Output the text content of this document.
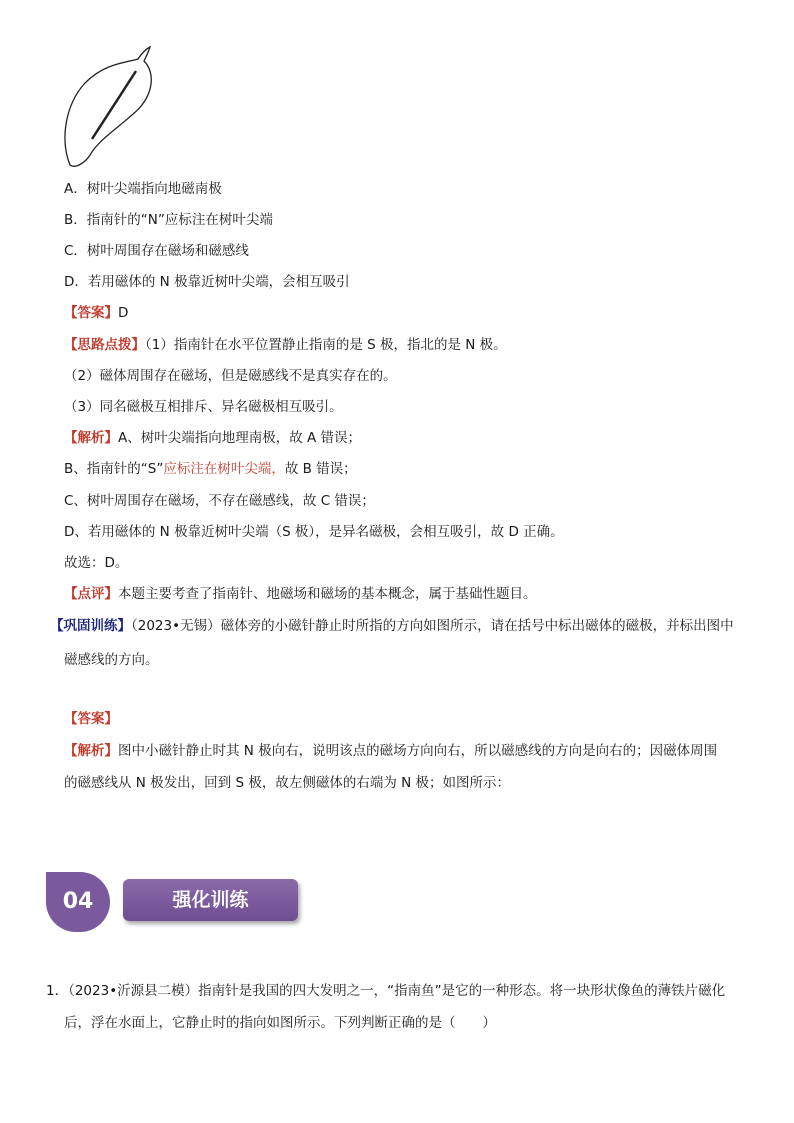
A．树叶尖端指向地磁南极
B．指南针的“N”应标注在树叶尖端
C．树叶周围存在磁场和磁感线
D．若用磁体的 N 极靠近树叶尖端，会相互吸引
【答案】D
【思路点拨】（1）指南针在水平位置静止指南的是 S 极，指北的是 N 极。
（2）磁体周围存在磁场，但是磁感线不是真实存在的。
（3）同名磁极互相排斥、异名磁极相互吸引。
【解析】A、树叶尖端指向地理南极，故 A 错误；
B、指南针的“S”应标注在树叶尖端，故 B 错误；
C、树叶周围存在磁场，不存在磁感线，故 C 错误；
D、若用磁体的 N 极靠近树叶尖端（S 极），是异名磁极，会相互吸引，故 D 正确。
故选：D。
【点评】本题主要考查了指南针、地磁场和磁场的基本概念，属于基础性题目。
【巩固训练】（2023•无锡）磁体旁的小磁针静止时所指的方向如图所示，请在括号中标出磁体的磁极，并标出图中
磁感线的方向。
【答案】
【解析】图中小磁针静止时其 N 极向右，说明该点的磁场方向向右，所以磁感线的方向是向右的；因磁体周围
的磁感线从 N 极发出，回到 S 极，故左侧磁体的右端为 N 极；如图所示：
04	强化训练
1．（2023•沂源县二模）指南针是我国的四大发明之一，“指南鱼”是它的一种形态。将一块形状像鱼的薄铁片磁化
后，浮在水面上，它静止时的指向如图所示。下列判断正确的是（　　）
